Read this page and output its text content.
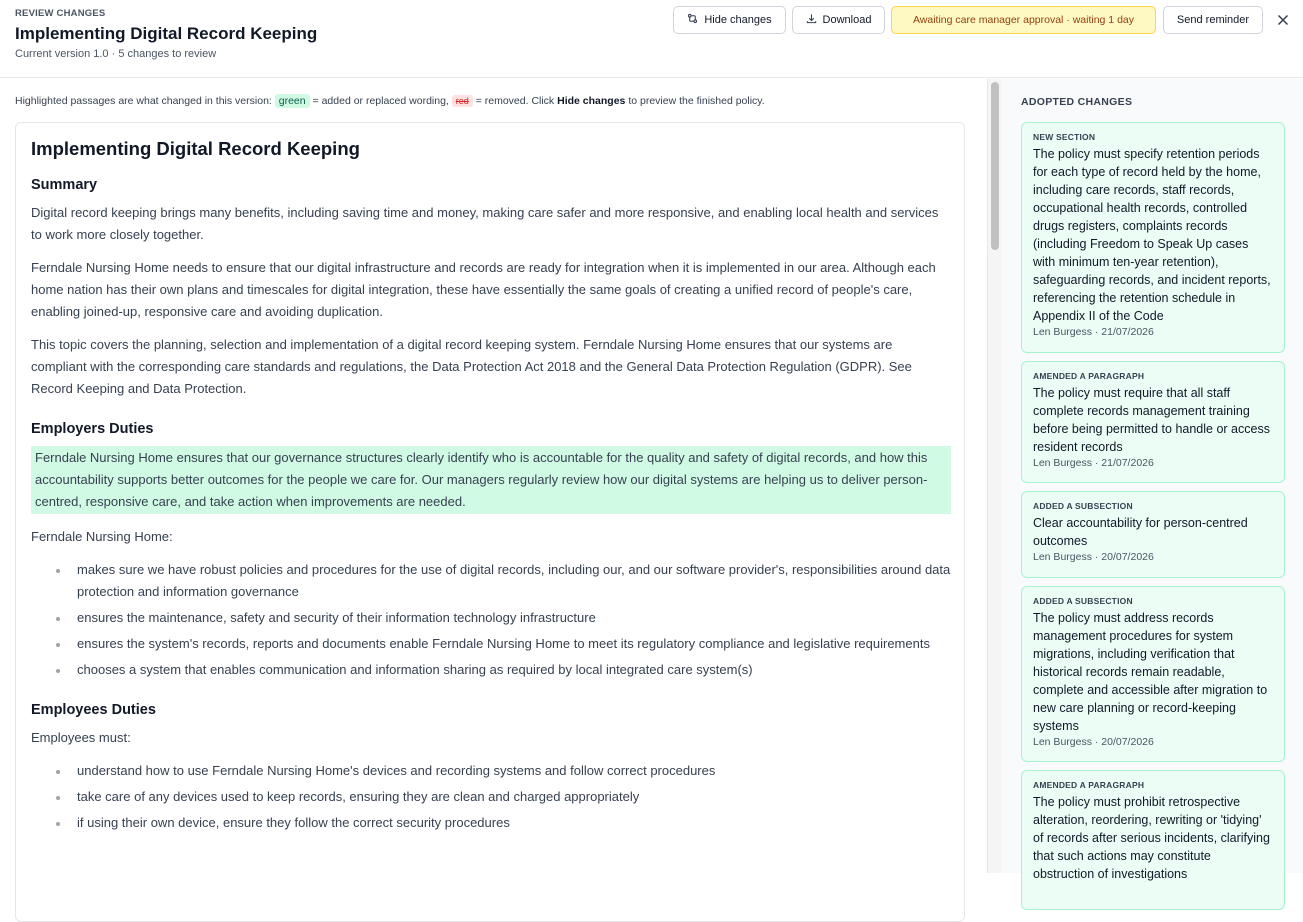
REVIEW CHANGES
Implementing Digital Record Keeping
Current version 1.0 · 5 changes to review
Hide changes	Download	Awaiting care manager approval · waiting 1 day	Send reminder
Highlighted passages are what changed in this version: green = added or replaced wording, red = removed. Click Hide changes to preview the finished policy.
Implementing Digital Record Keeping
Summary

Digital record keeping brings many benefits, including saving time and money, making care safer and more responsive, and enabling local health and services to work more closely together.

Ferndale Nursing Home needs to ensure that our digital infrastructure and records are ready for integration when it is implemented in our area. Although each home nation has their own plans and timescales for digital integration, these have essentially the same goals of creating a unified record of people's care, enabling joined-up, responsive care and avoiding duplication.

This topic covers the planning, selection and implementation of a digital record keeping system. Ferndale Nursing Home ensures that our systems are compliant with the corresponding care standards and regulations, the Data Protection Act 2018 and the General Data Protection Regulation (GDPR). See Record Keeping and Data Protection.

Employers Duties

Ferndale Nursing Home ensures that our governance structures clearly identify who is accountable for the quality and safety of digital records, and how this accountability supports better outcomes for the people we care for. Our managers regularly review how our digital systems are helping us to deliver person-centred, responsive care, and take action when improvements are needed.

Ferndale Nursing Home:

makes sure we have robust policies and procedures for the use of digital records, including our, and our software provider's, responsibilities around data protection and information governance
ensures the maintenance, safety and security of their information technology infrastructure
ensures the system's records, reports and documents enable Ferndale Nursing Home to meet its regulatory compliance and legislative requirements
chooses a system that enables communication and information sharing as required by local integrated care system(s)
Employees Duties

Employees must:

understand how to use Ferndale Nursing Home's devices and recording systems and follow correct procedures
take care of any devices used to keep records, ensuring they are clean and charged appropriately
if using their own device, ensure they follow the correct security procedures
ADOPTED CHANGES
NEW SECTION
The policy must specify retention periods for each type of record held by the home, including care records, staff records, occupational health records, controlled drugs registers, complaints records (including Freedom to Speak Up cases with minimum ten-year retention), safeguarding records, and incident reports, referencing the retention schedule in Appendix II of the Code
Len Burgess · 21/07/2026
AMENDED A PARAGRAPH
The policy must require that all staff complete records management training before being permitted to handle or access resident records
Len Burgess · 21/07/2026
ADDED A SUBSECTION
Clear accountability for person-centred outcomes
Len Burgess · 20/07/2026
ADDED A SUBSECTION
The policy must address records management procedures for system migrations, including verification that historical records remain readable, complete and accessible after migration to new care planning or record-keeping systems
Len Burgess · 20/07/2026
AMENDED A PARAGRAPH
The policy must prohibit retrospective alteration, reordering, rewriting or 'tidying' of records after serious incidents, clarifying that such actions may constitute obstruction of investigations
